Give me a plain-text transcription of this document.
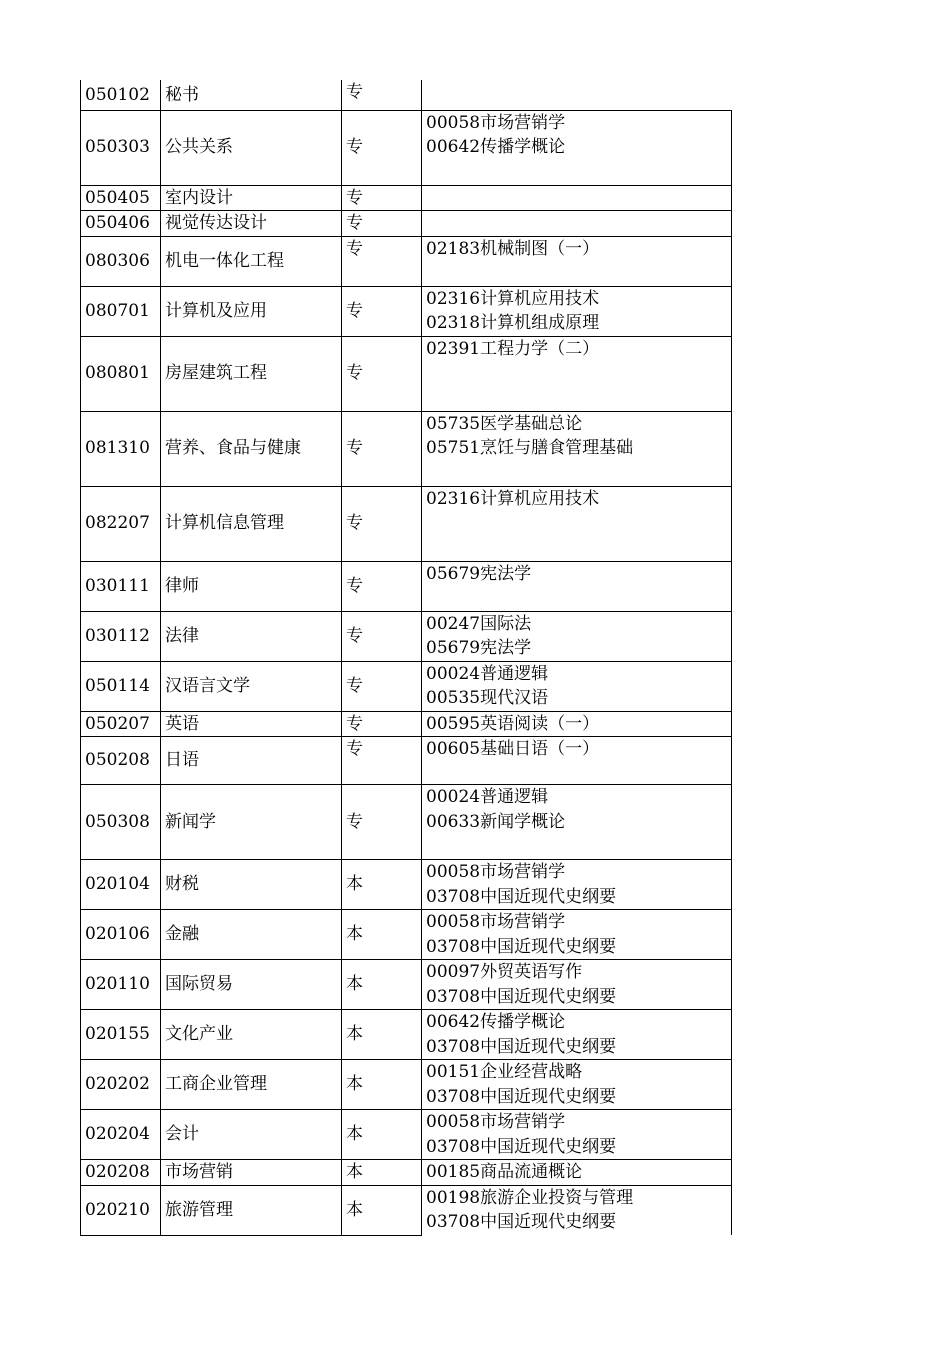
050102	秘书	专	
050303	公共关系	专	00058市场营销学
00642传播学概论

050405	室内设计	专	
050406	视觉传达设计	专	
080306	机电一体化工程	专	02183机械制图（一）

080701	计算机及应用	专	02316计算机应用技术
02318计算机组成原理

080801	房屋建筑工程	专	02391工程力学（二）

081310	营养、食品与健康	专	05735医学基础总论
05751烹饪与膳食管理基础

082207	计算机信息管理	专	02316计算机应用技术

030111	律师	专	05679宪法学

030112	法律	专	00247国际法
05679宪法学

050114	汉语言文学	专	00024普通逻辑
00535现代汉语

050207	英语	专	00595英语阅读（一）

050208	日语	专	00605基础日语（一）

050308	新闻学	专	00024普通逻辑
00633新闻学概论

020104	财税	本	00058市场营销学
03708中国近现代史纲要

020106	金融	本	00058市场营销学
03708中国近现代史纲要

020110	国际贸易	本	00097外贸英语写作
03708中国近现代史纲要

020155	文化产业	本	00642传播学概论
03708中国近现代史纲要

020202	工商企业管理	本	00151企业经营战略
03708中国近现代史纲要

020204	会计	本	00058市场营销学
03708中国近现代史纲要

020208	市场营销	本	00185商品流通概论

020210	旅游管理	本	00198旅游企业投资与管理
03708中国近现代史纲要
